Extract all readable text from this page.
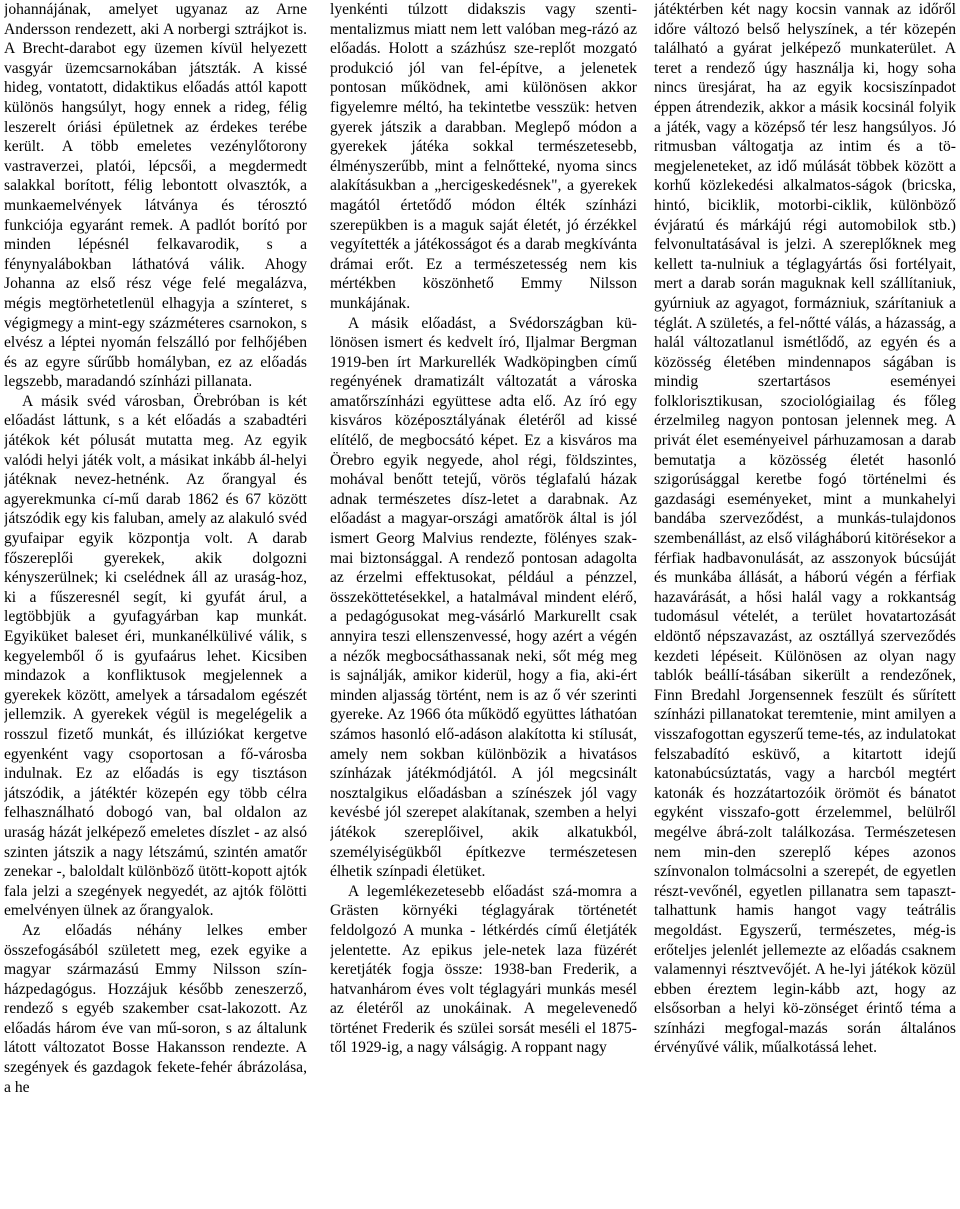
johannájának, amelyet ugyanaz az Arne Andersson rendezett, aki A norbergi sztrájkot is. A Brecht-darabot egy üzemen kívül helyezett vasgyár üzemcsarnokában játszták. A kissé hideg, vontatott, didaktikus előadás attól kapott különös hangsúlyt, hogy ennek a rideg, félig leszerelt óriási épületnek az érdekes terébe került. A több emeletes vezénylőtorony vastraverzei, platói, lépcsői, a megdermedt salakkal borított, félig lebontott olvasztók, a munkaemelvények látványa és térosztó funkciója egyaránt remek. A padlót borító por minden lépésnél felkavarodik, s a fénynyalábokban láthatóvá válik. Ahogy Johanna az első rész vége felé megalázva, mégis megtörhetetlenül elhagyja a színteret, s végigmegy a mint-egy százméteres csarnokon, s elvész a léptei nyomán felszálló por felhőjében és az egyre sűrűbb homályban, ez az előadás legszebb, maradandó színházi pillanata.

A másik svéd városban, Örebróban is két előadást láttunk, s a két előadás a szabadtéri játékok két pólusát mutatta meg. Az egyik valódi helyi játék volt, a másikat inkább ál-helyi játéknak nevez-hetnénk. Az őrangyal és agyerekmunka cí-mű darab 1862 és 67 között játszódik egy kis faluban, amely az alakuló svéd gyufaipar egyik központja volt. A darab főszereplői gyerekek, akik dolgozni kényszerülnek; ki cselédnek áll az uraság-hoz, ki a fűszeresnél segít, ki gyufát árul, a legtöbbjük a gyufagyárban kap munkát. Egyiküket baleset éri, munkanélkülivé válik, s kegyelemből ő is gyufaárus lehet. Kicsiben mindazok a konfliktusok megjelennek a gyerekek között, amelyek a társadalom egészét jellemzik. A gyerekek végül is megelégelik a rosszul fizető munkát, és illúziókat kergetve egyenként vagy csoportosan a fő-városba indulnak. Ez az előadás is egy tisztáson játszódik, a játéktér közepén egy több célra felhasználható dobogó van, bal oldalon az uraság házát jelképező emeletes díszlet - az alsó szinten játszik a nagy létszámú, szintén amatőr zenekar -, baloldalt különböző ütött-kopott ajtók fala jelzi a szegények negyedét, az ajtók fölötti emelvényen ülnek az őrangyalok.

Az előadás néhány lelkes ember összefogásából született meg, ezek egyike a magyar származású Emmy Nilsson szín-házpedagógus. Hozzájuk később zeneszerző, rendező s egyéb szakember csat-lakozott. Az előadás három éve van mű-soron, s az általunk látott változatot Bosse Hakansson rendezte. A szegények és gazdagok fekete-fehér ábrázolása, a he

lyenkénti túlzott didakszis vagy szenti-mentalizmus miatt nem lett valóban meg-rázó az előadás. Holott a százhúsz sze-replőt mozgató produkció jól van fel-építve, a jelenetek pontosan működnek, ami különösen akkor figyelemre méltó, ha tekintetbe vesszük: hetven gyerek játszik a darabban. Meglepő módon a gyerekek játéka sokkal természetesebb, élményszerűbb, mint a felnőtteké, nyoma sincs alakításukban a „hercigeskedésnek", a gyerekek magától értetődő módon élték színházi szerepükben is a maguk saját életét, jó érzékkel vegyítették a játékosságot és a darab megkívánta drámai erőt. Ez a természetesség nem kis mértékben köszönhető Emmy Nilsson munkájának.

A másik előadást, a Svédországban kü-lönösen ismert és kedvelt író, Iljalmar Bergman 1919-ben írt Markurellék Wadköpingben című regényének dramatizált változatát a városka amatőrszínházi együttese adta elő. Az író egy kisváros középosztályának életéről ad kissé elítélő, de megbocsátó képet. Ez a kisváros ma Örebro egyik negyede, ahol régi, földszintes, mohával benőtt tetejű, vörös téglafalú házak adnak természetes dísz-letet a darabnak. Az előadást a magyar-országi amatőrök által is jól ismert Georg Malvius rendezte, fölényes szak-mai biztonsággal. A rendező pontosan adagolta az érzelmi effektusokat, például a pénzzel, összeköttetésekkel, a hatalmával mindent elérő, a pedagógusokat meg-vásárló Markurellt csak annyira teszi ellenszenvessé, hogy azért a végén a nézők megbocsáthassanak neki, sőt még meg is sajnálják, amikor kiderül, hogy a fia, aki-ért minden aljasság történt, nem is az ő vér szerinti gyereke. Az 1966 óta működő együttes láthatóan számos hasonló elő-adáson alakította ki stílusát, amely nem sokban különbözik a hivatásos színházak játékmódjától. A jól megcsinált nosztalgikus előadásban a színészek jól vagy kevésbé jól szerepet alakítanak, szemben a helyi játékok szereplőivel, akik alkatukból, személyiségükből építkezve természetesen élhetik színpadi életüket.

A legemlékezetesebb előadást szá-momra a Grästen környéki téglagyárak történetét feldolgozó A munka - létkérdés című életjáték jelentette. Az epikus jele-netek laza füzérét keretjáték fogja össze: 1938-ban Frederik, a hatvanhárom éves volt téglagyári munkás mesél az életéről az unokáinak. A megelevenedő történet Frederik és szülei sorsát meséli el 1875-től 1929-ig, a nagy válságig. A roppant nagy

játéktérben két nagy kocsin vannak az időről időre változó belső helyszínek, a tér közepén található a gyárat jelképező munkaterület. A teret a rendező úgy használja ki, hogy soha nincs üresjárat, ha az egyik kocsiszínpadot éppen átrendezik, akkor a másik kocsinál folyik a játék, vagy a középső tér lesz hangsúlyos. Jó ritmusban váltogatja az intim és a tö-megjeleneteket, az idő múlását többek között a korhű közlekedési alkalmatos-ságok (bricska, hintó, biciklik, motorbi-ciklik, különböző évjáratú és márkájú régi automobilok stb.) felvonultatásával is jelzi. A szereplőknek meg kellett ta-nulniuk a téglagyártás ősi fortélyait, mert a darab során maguknak kell szállítaniuk, gyúrniuk az agyagot, formázniuk, szárítaniuk a téglát. A születés, a fel-nőtté válás, a házasság, a halál változatlanul ismétlődő, az egyén és a közösség életében mindennapos ságában is mindig szertartásos eseményei folklorisztikusan, szociológiailag és főleg érzelmileg nagyon pontosan jelennek meg. A privát élet eseményeivel párhuzamosan a darab bemutatja a közösség életét hasonló szigorúsággal keretbe fogó történelmi és gazdasági eseményeket, mint a munkahelyi bandába szerveződést, a munkás-tulajdonos szembenállást, az első világháború kitörésekor a férfiak hadbavonulását, az asszonyok búcsúját és munkába állását, a háború végén a férfiak hazavárását, a hősi halál vagy a rokkantság tudomásul vételét, a terület hovatartozását eldöntő népszavazást, az osztállyá szerveződés kezdeti lépéseit. Különösen az olyan nagy tablók beállí-tásában sikerült a rendezőnek, Finn Bredahl Jorgensennek feszült és sűrített színházi pillanatokat teremtenie, mint amilyen a visszafogottan egyszerű teme-tés, az indulatokat felszabadító esküvő, a kitartott idejű katonabúcsúztatás, vagy a harcból megtért katonák és hozzátartozóik örömöt és bánatot egyként visszafo-gott érzelemmel, belülről megélve ábrá-zolt találkozása. Természetesen nem min-den szereplő képes azonos színvonalon tolmácsolni a szerepét, de egyetlen részt-vevőnél, egyetlen pillanatra sem tapaszt-talhattunk hamis hangot vagy teátrális megoldást. Egyszerű, természetes, még-is erőteljes jelenlét jellemezte az előadás csaknem valamennyi résztvevőjét. A he-lyi játékok közül ebben éreztem legin-kább azt, hogy az elsősorban a helyi kö-zönséget érintő téma a színházi megfogal-mazás során általános érvényűvé válik, műalkotássá lehet.
